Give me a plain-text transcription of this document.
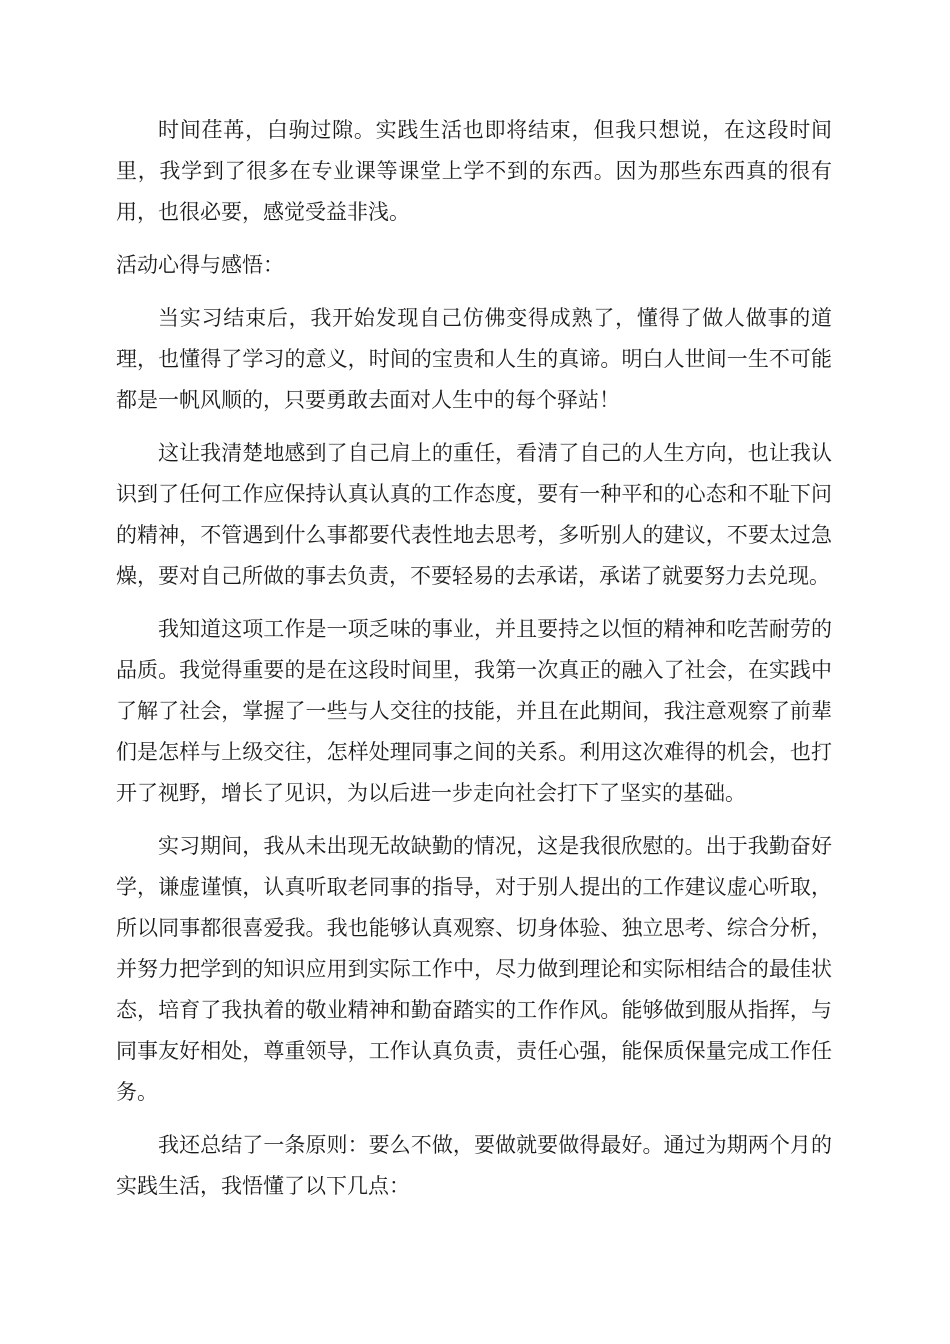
时间荏苒，白驹过隙。实践生活也即将结束，但我只想说，在这段时间里，我学到了很多在专业课等课堂上学不到的东西。因为那些东西真的很有用，也很必要，感觉受益非浅。

活动心得与感悟：

当实习结束后，我开始发现自己仿佛变得成熟了，懂得了做人做事的道理，也懂得了学习的意义，时间的宝贵和人生的真谛。明白人世间一生不可能都是一帆风顺的，只要勇敢去面对人生中的每个驿站！

这让我清楚地感到了自己肩上的重任，看清了自己的人生方向，也让我认识到了任何工作应保持认真认真的工作态度，要有一种平和的心态和不耻下问的精神，不管遇到什么事都要代表性地去思考，多听别人的建议，不要太过急燥，要对自己所做的事去负责，不要轻易的去承诺，承诺了就要努力去兑现。

我知道这项工作是一项乏味的事业，并且要持之以恒的精神和吃苦耐劳的品质。我觉得重要的是在这段时间里，我第一次真正的融入了社会，在实践中了解了社会，掌握了一些与人交往的技能，并且在此期间，我注意观察了前辈们是怎样与上级交往，怎样处理同事之间的关系。利用这次难得的机会，也打开了视野，增长了见识，为以后进一步走向社会打下了坚实的基础。

实习期间，我从未出现无故缺勤的情况，这是我很欣慰的。出于我勤奋好学，谦虚谨慎，认真听取老同事的指导，对于别人提出的工作建议虚心听取，所以同事都很喜爱我。我也能够认真观察、切身体验、独立思考、综合分析，并努力把学到的知识应用到实际工作中，尽力做到理论和实际相结合的最佳状态，培育了我执着的敬业精神和勤奋踏实的工作作风。能够做到服从指挥，与同事友好相处，尊重领导，工作认真负责，责任心强，能保质保量完成工作任务。

我还总结了一条原则：要么不做，要做就要做得最好。通过为期两个月的实践生活，我悟懂了以下几点：
